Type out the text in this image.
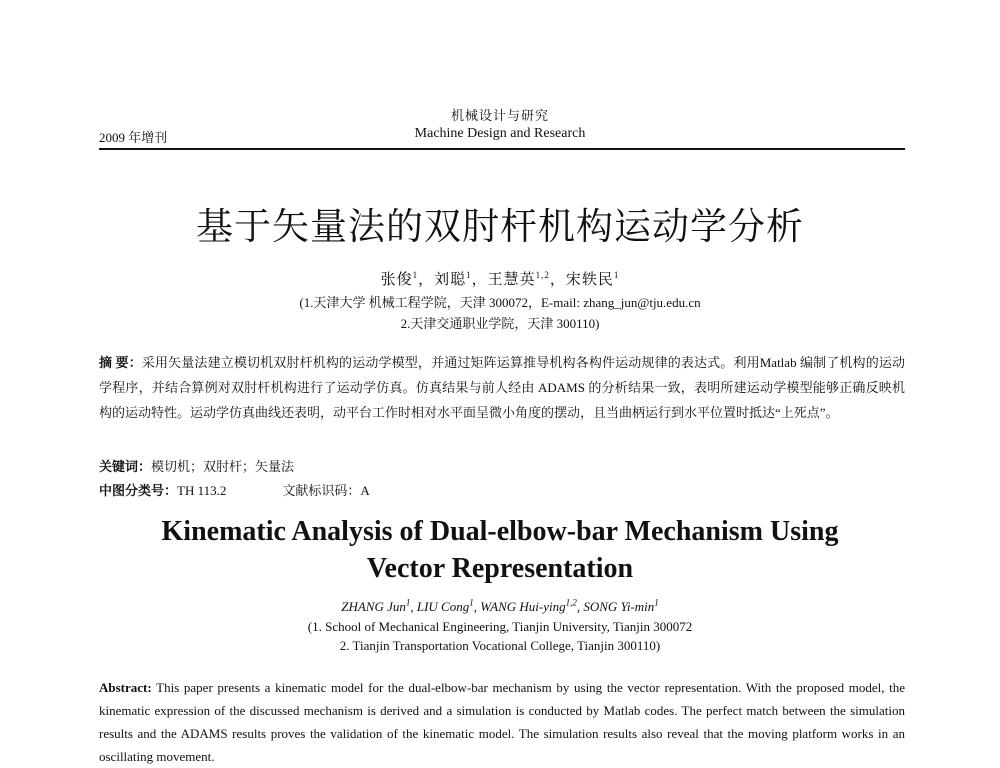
机械设计与研究
2009 年增刊	Machine Design and Research
基于矢量法的双肘杆机构运动学分析
张俊$^1$，刘聪$^1$，王慧英$^{1,2}$，宋轶民$^1$
(1.天津大学 机械工程学院，天津 300072，E-mail: zhang_jun@tju.edu.cn
2.天津交通职业学院，天津 300110)
摘 要：采用矢量法建立模切机双肘杆机构的运动学模型，并通过矩阵运算推导机构各构件运动规律的表达式。利用Matlab 编制了机构的运动学程序，并结合算例对双肘杆机构进行了运动学仿真。仿真结果与前人经由 ADAMS 的分析结果一致，表明所建运动学模型能够正确反映机构的运动特性。运动学仿真曲线还表明，动平台工作时相对水平面呈微小角度的摆动，且当曲柄运行到水平位置时抵达“上死点”。
关键词：模切机；双肘杆；矢量法
中图分类号：TH 113.2	文献标识码：A
Kinematic Analysis of Dual-elbow-bar Mechanism Using
Vector Representation
ZHANG Jun$^1$, LIU Cong$^1$, WANG Hui-ying$^{1,2}$, SONG $Yi-\min^1$
(1. School of Mechanical Engineering, Tianjin University, Tianjin 300072
2. Tianjin Transportation Vocational College, Tianjin 300110)
Abstract: This paper presents a kinematic model for the dual-elbow-bar mechanism by using the vector representation. With the proposed model, the kinematic expression of the discussed mechanism is derived and a simulation is conducted by Matlab codes. The perfect match between the simulation results and the ADAMS results proves the validation of the kinematic model. The simulation results also reveal that the moving platform works in an oscillating movement.
